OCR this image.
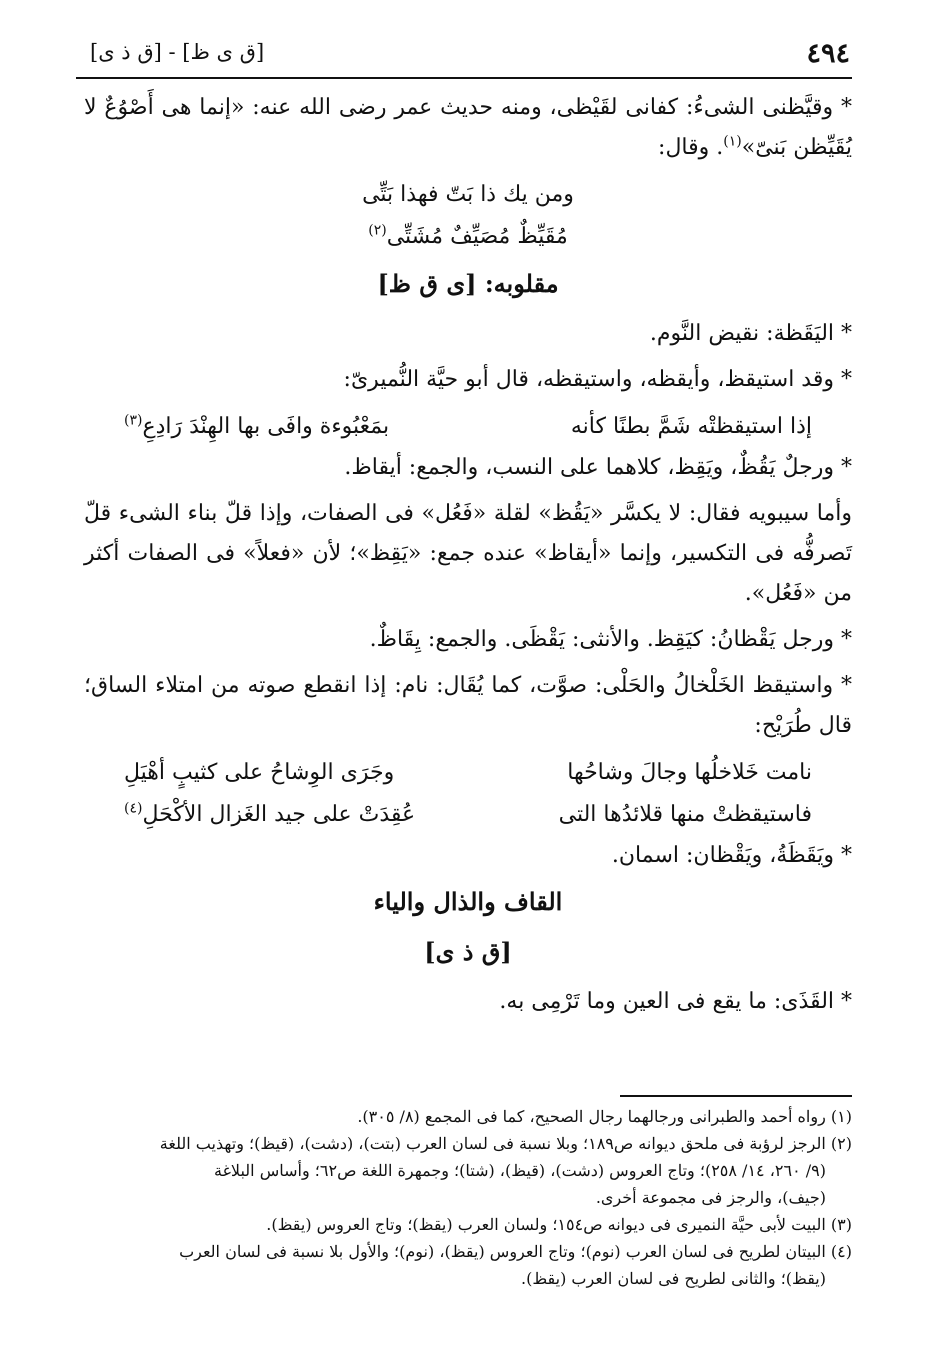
٤٩٤
[ق ى ظ] - [ق ذ ى]

* وقيَّظنى الشىءُ: كفانى لقَيْظى، ومنه حديث عمر رضى الله عنه: «إنما هى أَصْوُعٌ لا يُقَيِّظن بَنىّ»$^{(١)}$. وقال:

ومن يك ذا بَتّ فهذا بَتِّى
مُقَيِّظٌ مُصَيِّفٌ مُشَتِّى$^{(٢)}$
مقلوبه: [ى ق ظ]

* اليَقَظة: نقيض النَّوم.

* وقد استيقظ، وأيقظه، واستيقظه، قال أبو حيَّة النُّميرىّ:

إذا استيقظتْه شَمَّ بطنًا كأنه
بمَعْبُوءة وافَى بها الهِنْدَ رَادِعِ$^{(٣)}$

* ورجلٌ يَقُظٌ، ويَقِظ، كلاهما على النسب، والجمع: أيقاظ.

وأما سيبويه فقال: لا يكسَّر «يَقُظ» لقلة «فَعُل» فى الصفات، وإذا قلّ بناء الشىء قلّ تَصرفُّه فى التكسير، وإنما «أيقاظ» عنده جمع: «يَقِظ»؛ لأن «فعلاً» فى الصفات أكثر من «فَعُل».

* ورجل يَقْظانُ: كيَقِظ. والأنثى: يَقْظَى. والجمع: يِقَاظٌ.

* واستيقظ الخَلْخالُ والحَلْى: صوَّت، كما يُقَال: نام: إذا انقطع صوته من امتلاء الساق؛ قال طُرَيْح:

نامت خَلاخلُها وجالَ وشاحُها
وجَرَى الوِشاحُ على كثيبٍ أهْيَلِ
فاستيقظتْ منها قلائدُها التى
عُقِدَتْ على جيد الغَزال الأكْحَلِ$^{(٤)}$

* ويَقَظَةُ، ويَقْظان: اسمان.

القاف والذال والياء
[ق ذ ى]

* القَذَى: ما يقع فى العين وما تَرْمِى به.

(١) رواه أحمد والطبرانى ورجالهما رجال الصحيح، كما فى المجمع (٨/ ٣٠٥).

(٢) الرجز لرؤبة فى ملحق ديوانه ص١٨٩؛ وبلا نسبة فى لسان العرب (بتت)، (دشت)، (قيظ)؛ وتهذيب اللغة

(٩/ ٢٦٠، ١٤/ ٢٥٨)؛ وتاج العروس (دشت)، (قيظ)، (شتا)؛ وجمهرة اللغة ص٦٢؛ وأساس البلاغة

(جيف)، والرجز فى مجموعة أخرى.

(٣) البيت لأبى حيَّة النميرى فى ديوانه ص١٥٤؛ ولسان العرب (يقظ)؛ وتاج العروس (يقظ).

(٤) البيتان لطريح فى لسان العرب (نوم)؛ وتاج العروس (يقظ)، (نوم)؛ والأول بلا نسبة فى لسان العرب

(يقظ)؛ والثانى لطريح فى لسان العرب (يقظ).
